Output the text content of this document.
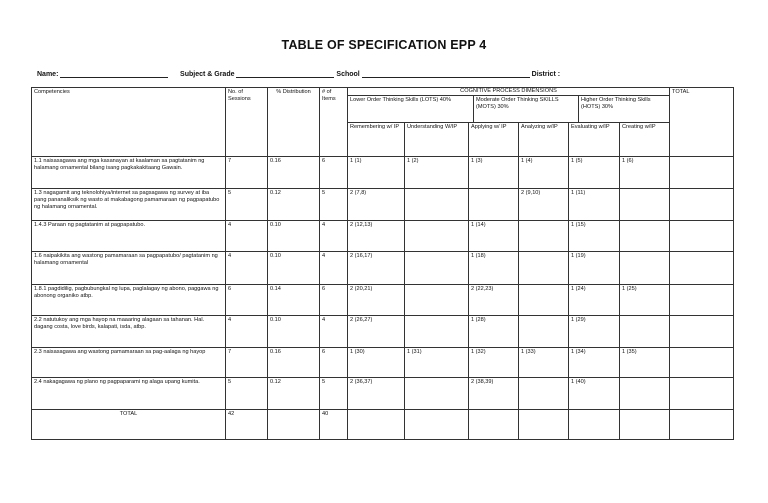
TABLE OF SPECIFICATION EPP 4
Name:	Subject & Grade	School	District :
Competencies	No. of Sessions	% Distribution	# of Items	COGNITIVE PROCESS DIMENSIONS
Lower Order Thinking Skills (LOTS) 40% Moderate Order Thinking SKILLS (MOTS) 30%
Higher Order Thinking Skills (HOTS) 30%						TOTAL
				Remembering w/ IP	Understanding W/IP	Applying w/ IP	Analyzing w/IP	Evaluating w/IP	Creating w/IP	
1.1 naisasagawa ang mga kasanayan at kaalaman sa pagtatanim ng halamang ornamental bilang isang pagkakakitaang Gawain.	7	0.16	6	1 (1)	1 (2)	1 (3)	1 (4)	1 (5)	1 (6)	
1.3 nagagamit ang teknolohiya/internet sa pagsagawa ng survey at iba pang pananaliksik ng wasto at makabagong pamamaraan ng pagpapatubo ng halamang ornamental.	5	0.12	5	2 (7,8)			2 (9,10)	1 (11)		
1.4.3 Paraan ng pagtatanim at pagpapatubo.	4	0.10	4	2 (12,13)		1 (14)		1 (15)		
1.6 naipakikita ang wastong pamamaraan sa pagpapatubo/ pagtatanim ng halamang ornamental	4	0.10	4	2 (16,17)		1 (18)		1 (19)		
1.8.1 pagdidilig, pagbubungkal ng lupa, paglalagay ng abono, paggawa ng abonong organiko atbp.	6	0.14	6	2 (20,21)		2 (22,23)		1 (24)	1 (25)	
2.2 natutukoy ang mga hayop na maaaring alagaan sa tahanan. Hal. dagang costa, love birds, kalapati, isda, atbp.	4	0.10	4	2 (26,27)		1 (28)		1 (29)		
2.3 naisasagawa ang wastong pamamaraan sa pag-aalaga ng hayop	7	0.16	6	1 (30)	1 (31)	1 (32)	1 (33)	1 (34)	1 (35)	
2.4 nakagagawa ng plano ng pagpaparami ng alaga upang kumita.	5	0.12	5	2 (36,37)		2 (38,39)		1 (40)		
TOTAL	42		40							
